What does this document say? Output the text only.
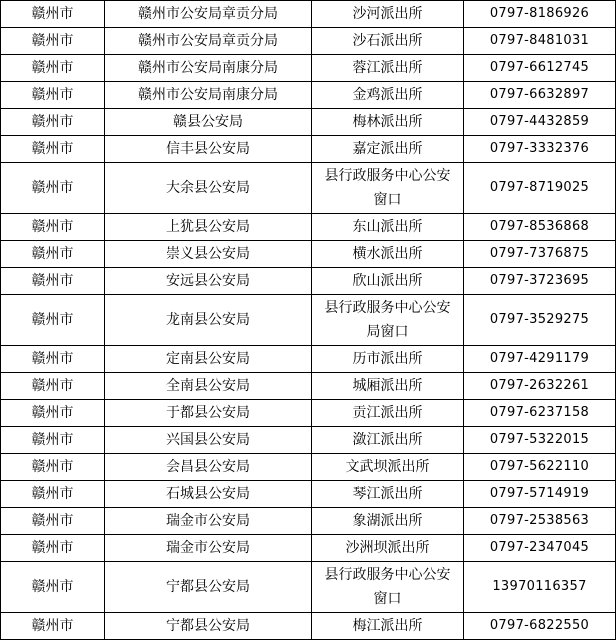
赣州市	赣州市公安局章贡分局	沙河派出所	0797-8186926
赣州市	赣州市公安局章贡分局	沙石派出所	0797-8481031
赣州市	赣州市公安局南康分局	蓉江派出所	0797-6612745
赣州市	赣州市公安局南康分局	金鸡派出所	0797-6632897
赣州市	赣县公安局	梅林派出所	0797-4432859
赣州市	信丰县公安局	嘉定派出所	0797-3332376
赣州市	大余县公安局	县行政服务中心公安窗口	0797-8719025
赣州市	上犹县公安局	东山派出所	0797-8536868
赣州市	崇义县公安局	横水派出所	0797-7376875
赣州市	安远县公安局	欣山派出所	0797-3723695
赣州市	龙南县公安局	县行政服务中心公安局窗口	0797-3529275
赣州市	定南县公安局	历市派出所	0797-4291179
赣州市	全南县公安局	城厢派出所	0797-2632261
赣州市	于都县公安局	贡江派出所	0797-6237158
赣州市	兴国县公安局	潋江派出所	0797-5322015
赣州市	会昌县公安局	文武坝派出所	0797-5622110
赣州市	石城县公安局	琴江派出所	0797-5714919
赣州市	瑞金市公安局	象湖派出所	0797-2538563
赣州市	瑞金市公安局	沙洲坝派出所	0797-2347045
赣州市	宁都县公安局	县行政服务中心公安窗口	13970116357
赣州市	宁都县公安局	梅江派出所	0797-6822550
